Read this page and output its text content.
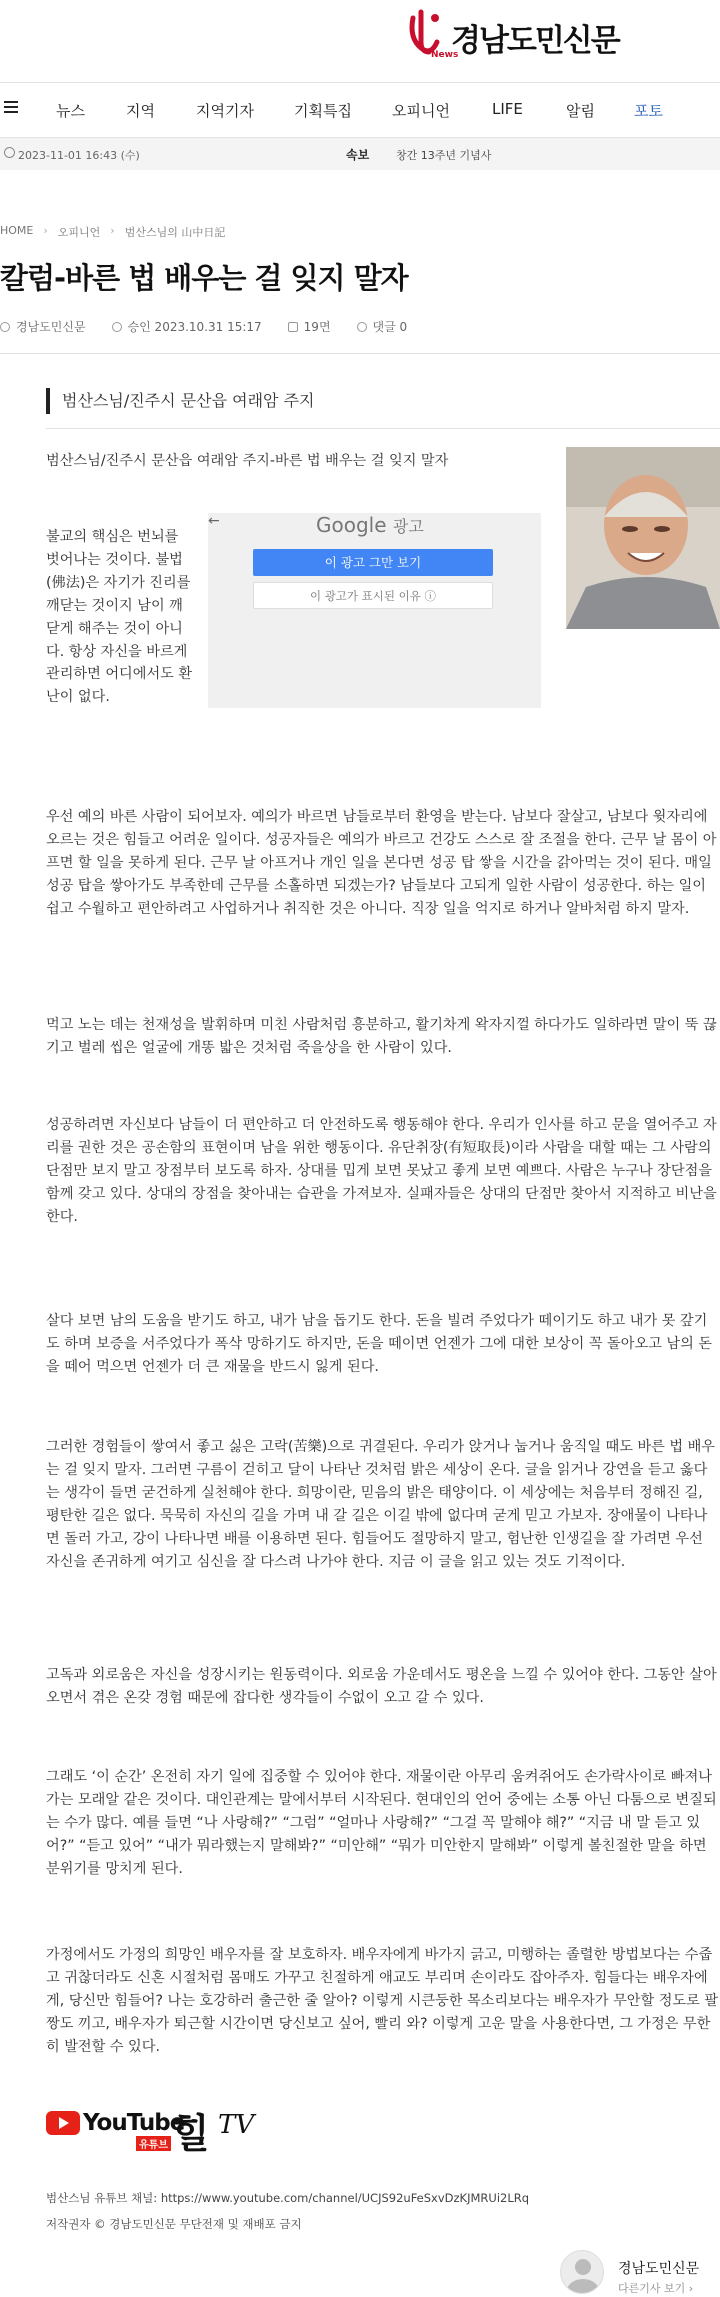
News
경남도민신문
뉴스	지역	지역기자	기획특집	오피니언	LIFE	알림	포토
2023-11-01 16:43 (수)	속보 창간 13주년 기념사
HOME › 오피니언 › 범산스님의 山中日記
칼럼-바른 법 배우는 걸 잊지 말자
경남도민신문	승인 2023.10.31 15:17	19면	댓글 0
범산스님/진주시 문산읍 여래암 주지
범산스님/진주시 문산읍 여래암 주지-바른 법 배우는 걸 잊지 말자
불교의 핵심은 번뇌를 벗어나는 것이다. 불법(佛法)은 자기가 진리를 깨닫는 것이지 남이 깨닫게 해주는 것이 아니다. 항상 자신을 바르게 관리하면 어디에서도 환난이 없다.
←	Google 광고
이 광고 그만 보기
이 광고가 표시된 이유 ⓘ
우선 예의 바른 사람이 되어보자. 예의가 바르면 남들로부터 환영을 받는다. 남보다 잘살고, 남보다 윗자리에 오르는 것은 힘들고 어려운 일이다. 성공자들은 예의가 바르고 건강도 스스로 잘 조절을 한다. 근무 날 몸이 아프면 할 일을 못하게 된다. 근무 날 아프거나 개인 일을 본다면 성공 탑 쌓을 시간을 갉아먹는 것이 된다. 매일 성공 탑을 쌓아가도 부족한데 근무를 소홀하면 되겠는가? 남들보다 고되게 일한 사람이 성공한다. 하는 일이 쉽고 수월하고 편안하려고 사업하거나 취직한 것은 아니다. 직장 일을 억지로 하거나 알바처럼 하지 말자.
먹고 노는 데는 천재성을 발휘하며 미친 사람처럼 흥분하고, 활기차게 왁자지껄 하다가도 일하라면 말이 뚝 끊기고 벌레 씹은 얼굴에 개똥 밟은 것처럼 죽을상을 한 사람이 있다.
성공하려면 자신보다 남들이 더 편안하고 더 안전하도록 행동해야 한다. 우리가 인사를 하고 문을 열어주고 자리를 권한 것은 공손함의 표현이며 남을 위한 행동이다. 유단취장(有短取長)이라 사람을 대할 때는 그 사람의 단점만 보지 말고 장점부터 보도록 하자. 상대를 밉게 보면 못났고 좋게 보면 예쁘다. 사람은 누구나 장단점을 함께 갖고 있다. 상대의 장점을 찾아내는 습관을 가져보자. 실패자들은 상대의 단점만 찾아서 지적하고 비난을 한다.
살다 보면 남의 도움을 받기도 하고, 내가 남을 돕기도 한다. 돈을 빌려 주었다가 떼이기도 하고 내가 못 갚기도 하며 보증을 서주었다가 폭삭 망하기도 하지만, 돈을 떼이면 언젠가 그에 대한 보상이 꼭 돌아오고 남의 돈을 떼어 먹으면 언젠가 더 큰 재물을 반드시 잃게 된다.
그러한 경험들이 쌓여서 좋고 싫은 고락(苦樂)으로 귀결된다. 우리가 앉거나 눕거나 움직일 때도 바른 법 배우는 걸 잊지 말자. 그러면 구름이 걷히고 달이 나타난 것처럼 밝은 세상이 온다. 글을 읽거나 강연을 듣고 옳다는 생각이 들면 굳건하게 실천해야 한다. 희망이란, 믿음의 밝은 태양이다. 이 세상에는 처음부터 정해진 길, 평탄한 길은 없다. 묵묵히 자신의 길을 가며 내 갈 길은 이길 밖에 없다며 굳게 믿고 가보자. 장애물이 나타나면 돌러 가고, 강이 나타나면 배를 이용하면 된다. 힘들어도 절망하지 말고, 험난한 인생길을 잘 가려면 우선 자신을 존귀하게 여기고 심신을 잘 다스려 나가야 한다. 지금 이 글을 읽고 있는 것도 기적이다.
고독과 외로움은 자신을 성장시키는 원동력이다. 외로움 가운데서도 평온을 느낄 수 있어야 한다. 그동안 살아오면서 겪은 온갖 경험 때문에 잡다한 생각들이 수없이 오고 갈 수 있다.
그래도 ‘이 순간’ 온전히 자기 일에 집중할 수 있어야 한다. 재물이란 아무리 움켜쥐어도 손가락사이로 빠져나가는 모래알 같은 것이다. 대인관계는 말에서부터 시작된다. 현대인의 언어 중에는 소통 아닌 다툼으로 변질되는 수가 많다. 예를 들면 “나 사랑해?” “그럼” “얼마나 사랑해?” “그걸 꼭 말해야 해?” “지금 내 말 듣고 있어?” “듣고 있어” “내가 뭐라했는지 말해봐?” “미안해” “뭐가 미안한지 말해봐” 이렇게 볼친절한 말을 하면 분위기를 망치게 된다.
가정에서도 가정의 희망인 배우자를 잘 보호하자. 배우자에게 바가지 긁고, 미행하는 졸렬한 방법보다는 수줍고 귀찮더라도 신혼 시절처럼 몸매도 가꾸고 친절하게 애교도 부리며 손이라도 잡아주자. 힘들다는 배우자에게, 당신만 힘들어? 나는 호강하러 출근한 줄 알아? 이렇게 시큰둥한 목소리보다는 배우자가 무안할 정도로 팔짱도 끼고, 배우자가 퇴근할 시간이면 당신보고 싶어, 빨리 와? 이렇게 고운 말을 사용한다면, 그 가정은 무한히 발전할 수 있다.
YouTube
유튜브 힐 TV
범산스님 유튜브 채널: https://www.youtube.com/channel/UCJS92uFeSxvDzKJMRUi2LRq
저작권자 © 경남도민신문 무단전재 및 재배포 금지
경남도민신문
다른기사 보기 ›
